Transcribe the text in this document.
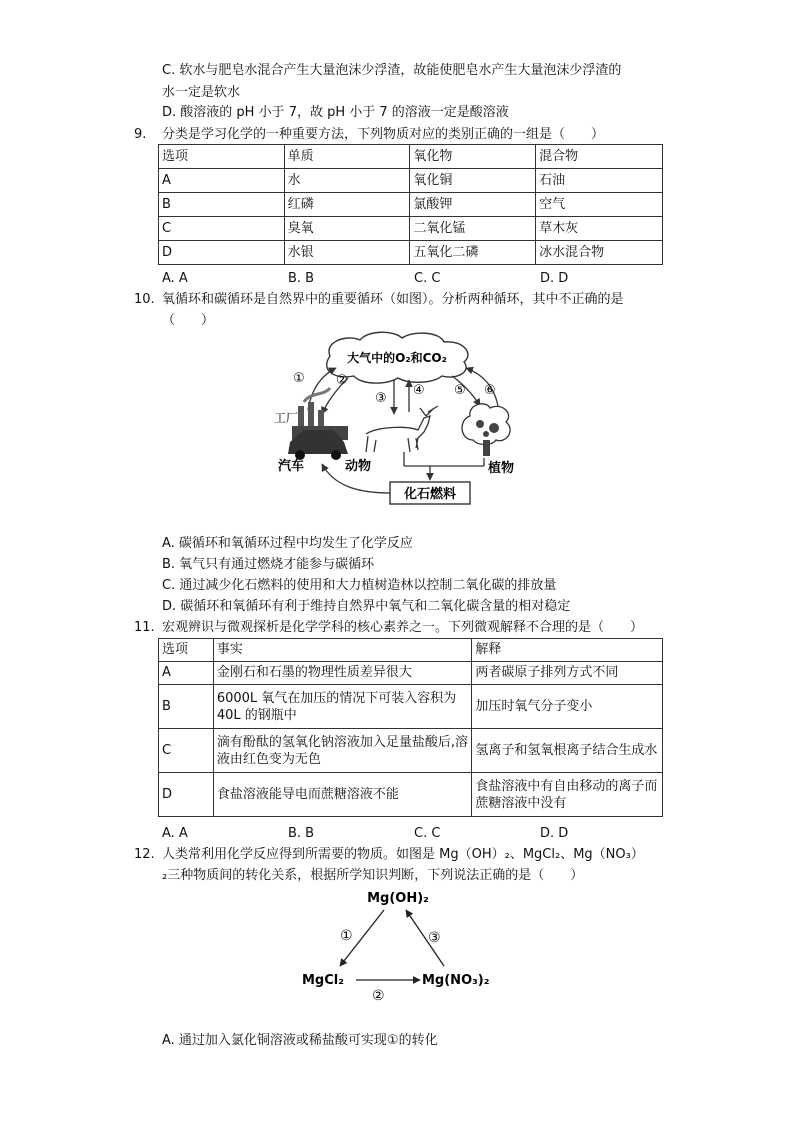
C. 软水与肥皂水混合产生大量泡沫少浮渣，故能使肥皂水产生大量泡沫少浮渣的
水一定是软水
D. 酸溶液的 pH 小于 7，故 pH 小于 7 的溶液一定是酸溶液
9. 分类是学习化学的一种重要方法，下列物质对应的类别正确的一组是（　　）
选项	单质	氧化物	混合物
A	水	氧化铜	石油
B	红磷	氯酸钾	空气
C	臭氧	二氧化锰	草木灰
D	水银	五氧化二磷	冰水混合物
A. A	B. B	C. C	D. D
10. 氧循环和碳循环是自然界中的重要循环（如图）。分析两种循环，其中不正确的是
（　　）
大气中的O₂和CO₂
① ②
③
④ ⑤ ⑥
工厂
汽车	动物	植物
化石燃料
A. 碳循环和氧循环过程中均发生了化学反应
B. 氧气只有通过燃烧才能参与碳循环
C. 通过减少化石燃料的使用和大力植树造林以控制二氧化碳的排放量
D. 碳循环和氧循环有利于维持自然界中氧气和二氧化碳含量的相对稳定
11. 宏观辨识与微观探析是化学学科的核心素养之一。下列微观解释不合理的是（　　）
选项	事实	解释
A	金刚石和石墨的物理性质差异很大	两者碳原子排列方式不同
B	6000L 氧气在加压的情况下可装入容积为40L 的钢瓶中	加压时氧气分子变小
C	滴有酚酞的氢氧化钠溶液加入足量盐酸后,溶液由红色变为无色	氢离子和氢氧根离子结合生成水
D	食盐溶液能导电而蔗糖溶液不能	食盐溶液中有自由移动的离子而蔗糖溶液中没有
A. A	B. B	C. C	D. D
12. 人类常利用化学反应得到所需要的物质。如图是 Mg（OH）₂、MgCl₂、Mg（NO₃）
₂三种物质间的转化关系，根据所学知识判断，下列说法正确的是（　　）
Mg(OH)₂
MgCl₂	Mg(NO₃)₂
①
②
③
A. 通过加入氯化铜溶液或稀盐酸可实现①的转化
